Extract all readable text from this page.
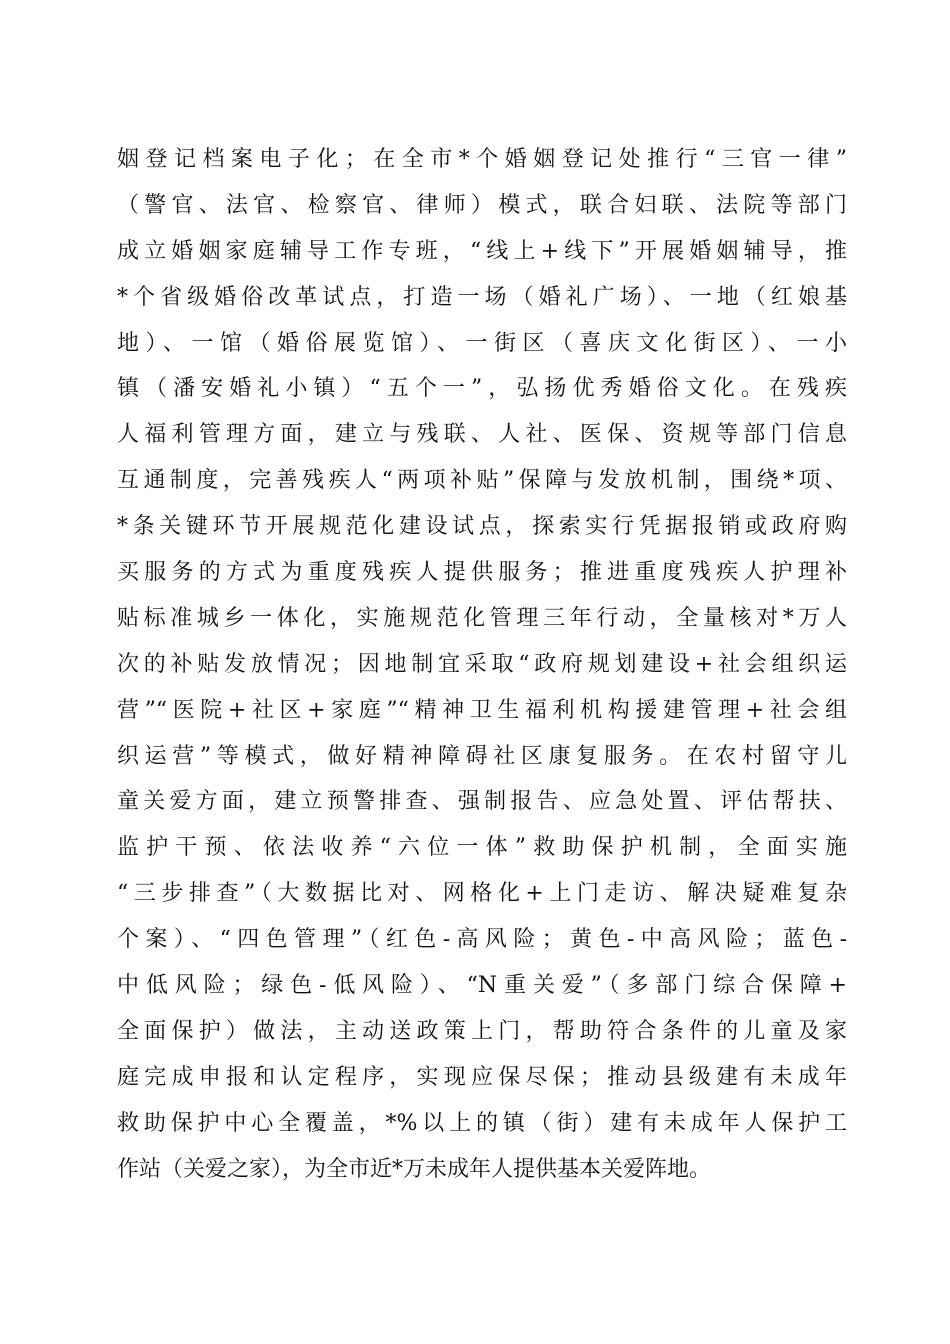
姻登记档案电子化；在全市*个婚姻登记处推行“三官一律”
（警官、法官、检察官、律师）模式，联合妇联、法院等部门
成立婚姻家庭辅导工作专班，“线上+线下”开展婚姻辅导，推
*个省级婚俗改革试点，打造一场（婚礼广场）、一地（红娘基
地）、一馆（婚俗展览馆）、一街区（喜庆文化街区）、一小
镇（潘安婚礼小镇）“五个一”，弘扬优秀婚俗文化。在残疾
人福利管理方面，建立与残联、人社、医保、资规等部门信息
互通制度，完善残疾人“两项补贴”保障与发放机制，围绕*项、
*条关键环节开展规范化建设试点，探索实行凭据报销或政府购
买服务的方式为重度残疾人提供服务；推进重度残疾人护理补
贴标准城乡一体化，实施规范化管理三年行动，全量核对*万人
次的补贴发放情况；因地制宜采取“政府规划建设+社会组织运
营”“医院+社区+家庭”“精神卫生福利机构援建管理+社会组
织运营”等模式，做好精神障碍社区康复服务。在农村留守儿
童关爱方面，建立预警排查、强制报告、应急处置、评估帮扶、
监护干预、依法收养“六位一体”救助保护机制，全面实施
“三步排查”（大数据比对、网格化+上门走访、解决疑难复杂
个案）、“四色管理”（红色-高风险；黄色-中高风险；蓝色-
中低风险；绿色-低风险）、“N重关爱”（多部门综合保障+
全面保护）做法，主动送政策上门，帮助符合条件的儿童及家
庭完成申报和认定程序，实现应保尽保；推动县级建有未成年
救助保护中心全覆盖，*%以上的镇（街）建有未成年人保护工
作站（关爱之家），为全市近*万未成年人提供基本关爱阵地。
